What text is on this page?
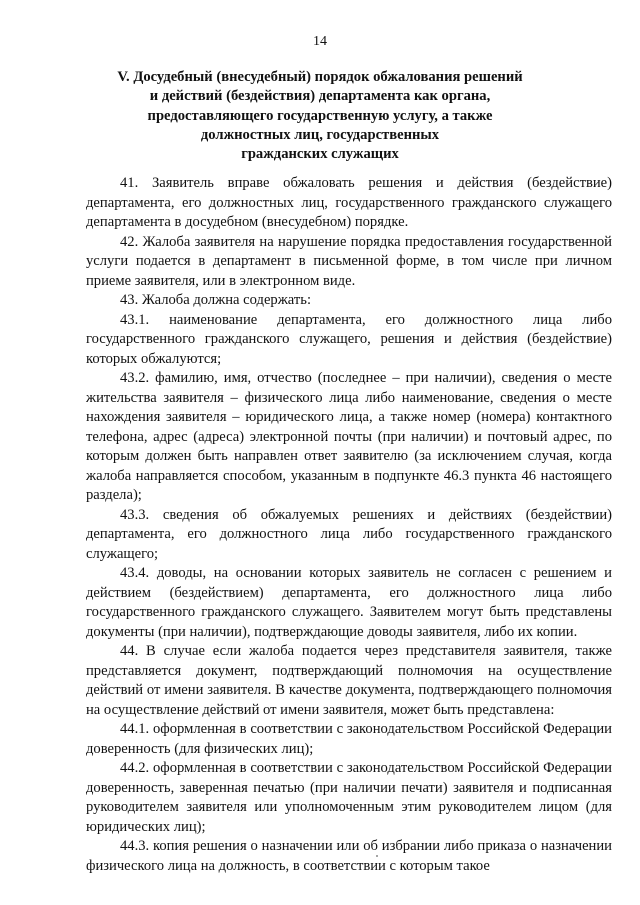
14
V. Досудебный (внесудебный) порядок обжалования решений
и действий (бездействия) департамента как органа,
предоставляющего государственную услугу, а также
должностных лиц, государственных
гражданских служащих

41. Заявитель вправе обжаловать решения и действия (бездействие) департамента, его должностных лиц, государственного гражданского служащего департамента в досудебном (внесудебном) порядке.

42. Жалоба заявителя на нарушение порядка предоставления государственной услуги подается в департамент в письменной форме, в том числе при личном приеме заявителя, или в электронном виде.

43. Жалоба должна содержать:

43.1. наименование департамента, его должностного лица либо государственного гражданского служащего, решения и действия (бездействие) которых обжалуются;

43.2. фамилию, имя, отчество (последнее – при наличии), сведения о месте жительства заявителя – физического лица либо наименование, сведения о месте нахождения заявителя – юридического лица, а также номер (номера) контактного телефона, адрес (адреса) электронной почты (при наличии) и почтовый адрес, по которым должен быть направлен ответ заявителю (за исключением случая, когда жалоба направляется способом, указанным в подпункте 46.3 пункта 46 настоящего раздела);

43.3. сведения об обжалуемых решениях и действиях (бездействии) департамента, его должностного лица либо государственного гражданского служащего;

43.4. доводы, на основании которых заявитель не согласен с решением и действием (бездействием) департамента, его должностного лица либо государственного гражданского служащего. Заявителем могут быть представлены документы (при наличии), подтверждающие доводы заявителя, либо их копии.

44. В случае если жалоба подается через представителя заявителя, также представляется документ, подтверждающий полномочия на осуществление действий от имени заявителя. В качестве документа, подтверждающего полномочия на осуществление действий от имени заявителя, может быть представлена:

44.1. оформленная в соответствии с законодательством Российской Федерации доверенность (для физических лиц);

44.2. оформленная в соответствии с законодательством Российской Федерации доверенность, заверенная печатью (при наличии печати) заявителя и подписанная руководителем заявителя или уполномоченным этим руководителем лицом (для юридических лиц);

44.3. копия решения о назначении или об избрании либо приказа о назначении физического лица на должность, в соответствии с которым такое
